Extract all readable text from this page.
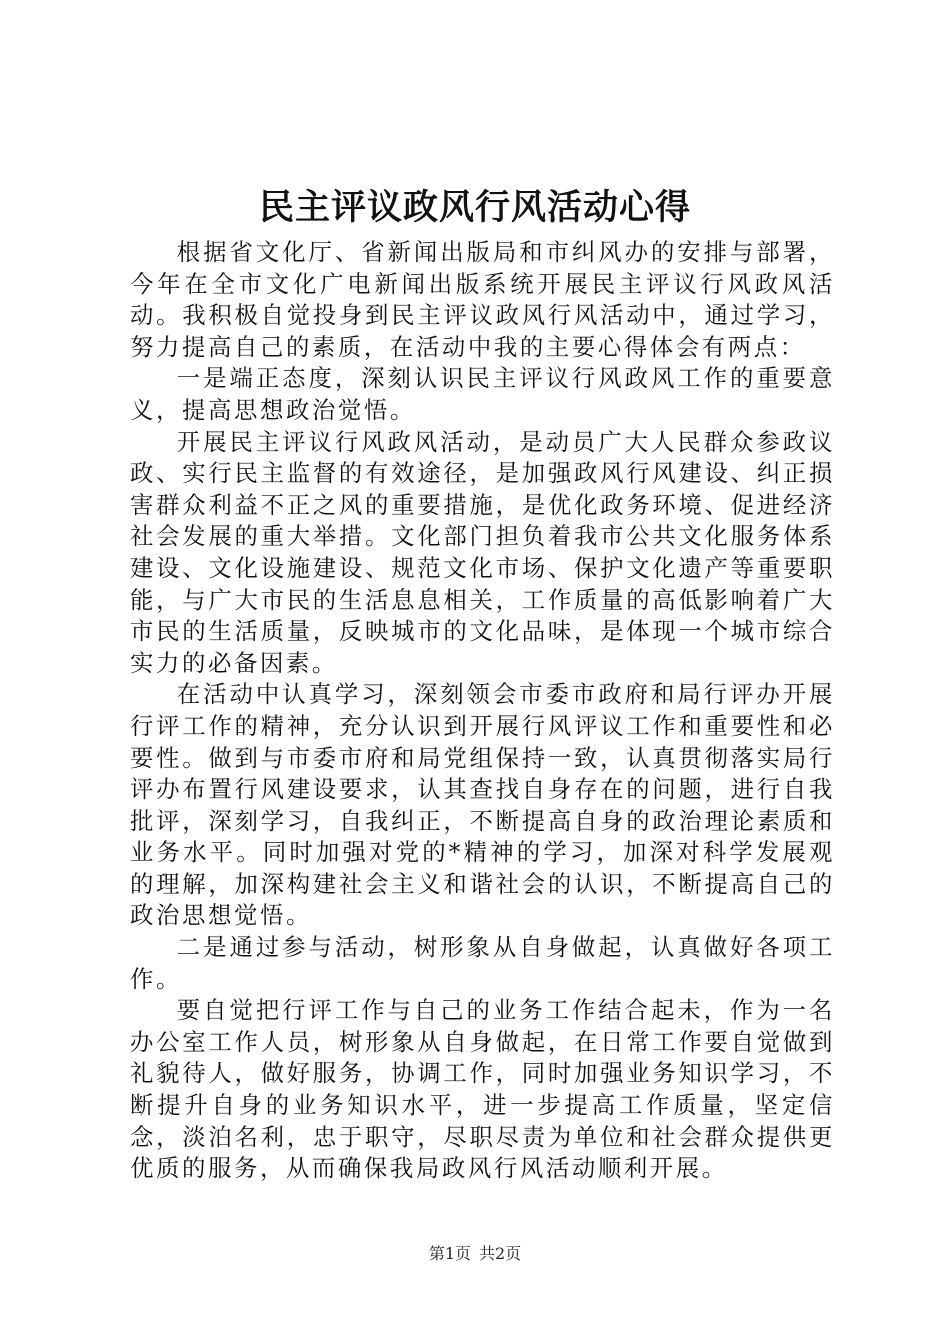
民主评议政风行风活动心得

根据省文化厅、省新闻出版局和市纠风办的安排与部署，今年在全市文化广电新闻出版系统开展民主评议行风政风活动。我积极自觉投身到民主评议政风行风活动中，通过学习，努力提高自己的素质，在活动中我的主要心得体会有两点：

一是端正态度，深刻认识民主评议行风政风工作的重要意义，提高思想政治觉悟。

开展民主评议行风政风活动，是动员广大人民群众参政议政、实行民主监督的有效途径，是加强政风行风建设、纠正损害群众利益不正之风的重要措施，是优化政务环境、促进经济社会发展的重大举措。文化部门担负着我市公共文化服务体系建设、文化设施建设、规范文化市场、保护文化遗产等重要职能，与广大市民的生活息息相关，工作质量的高低影响着广大市民的生活质量，反映城市的文化品味，是体现一个城市综合实力的必备因素。

在活动中认真学习，深刻领会市委市政府和局行评办开展行评工作的精神，充分认识到开展行风评议工作和重要性和必要性。做到与市委市府和局党组保持一致，认真贯彻落实局行评办布置行风建设要求，认其查找自身存在的问题，进行自我批评，深刻学习，自我纠正，不断提高自身的政治理论素质和业务水平。同时加强对党的*精神的学习，加深对科学发展观的理解，加深构建社会主义和谐社会的认识，不断提高自己的政治思想觉悟。

二是通过参与活动，树形象从自身做起，认真做好各项工作。

要自觉把行评工作与自己的业务工作结合起未，作为一名办公室工作人员，树形象从自身做起，在日常工作要自觉做到礼貌待人，做好服务，协调工作，同时加强业务知识学习，不断提升自身的业务知识水平，进一步提高工作质量，坚定信念，淡泊名利，忠于职守，尽职尽责为单位和社会群众提供更优质的服务，从而确保我局政风行风活动顺利开展。

第1页 共2页
